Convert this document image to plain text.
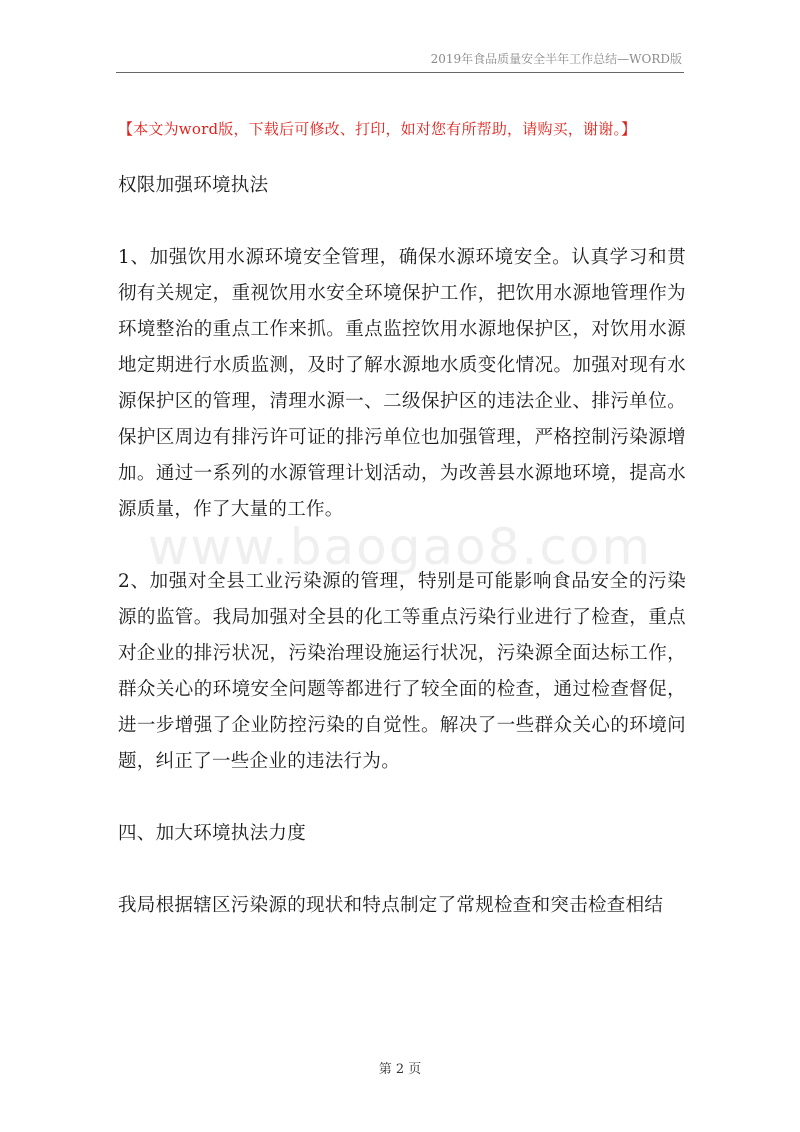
2019年食品质量安全半年工作总结—WORD版
【本文为word版，下载后可修改、打印，如对您有所帮助，请购买，谢谢。】

权限加强环境执法

1、加强饮用水源环境安全管理，确保水源环境安全。认真学习和贯彻有关规定，重视饮用水安全环境保护工作，把饮用水源地管理作为环境整治的重点工作来抓。重点监控饮用水源地保护区，对饮用水源地定期进行水质监测，及时了解水源地水质变化情况。加强对现有水源保护区的管理，清理水源一、二级保护区的违法企业、排污单位。保护区周边有排污许可证的排污单位也加强管理，严格控制污染源增加。通过一系列的水源管理计划活动，为改善县水源地环境，提高水源质量，作了大量的工作。

2、加强对全县工业污染源的管理，特别是可能影响食品安全的污染源的监管。我局加强对全县的化工等重点污染行业进行了检查，重点对企业的排污状况，污染治理设施运行状况，污染源全面达标工作，群众关心的环境安全问题等都进行了较全面的检查，通过检查督促，进一步增强了企业防控污染的自觉性。解决了一些群众关心的环境问题，纠正了一些企业的违法行为。

四、加大环境执法力度

我局根据辖区污染源的现状和特点制定了常规检查和突击检查相结

www.baogao8.com
第 2 页
